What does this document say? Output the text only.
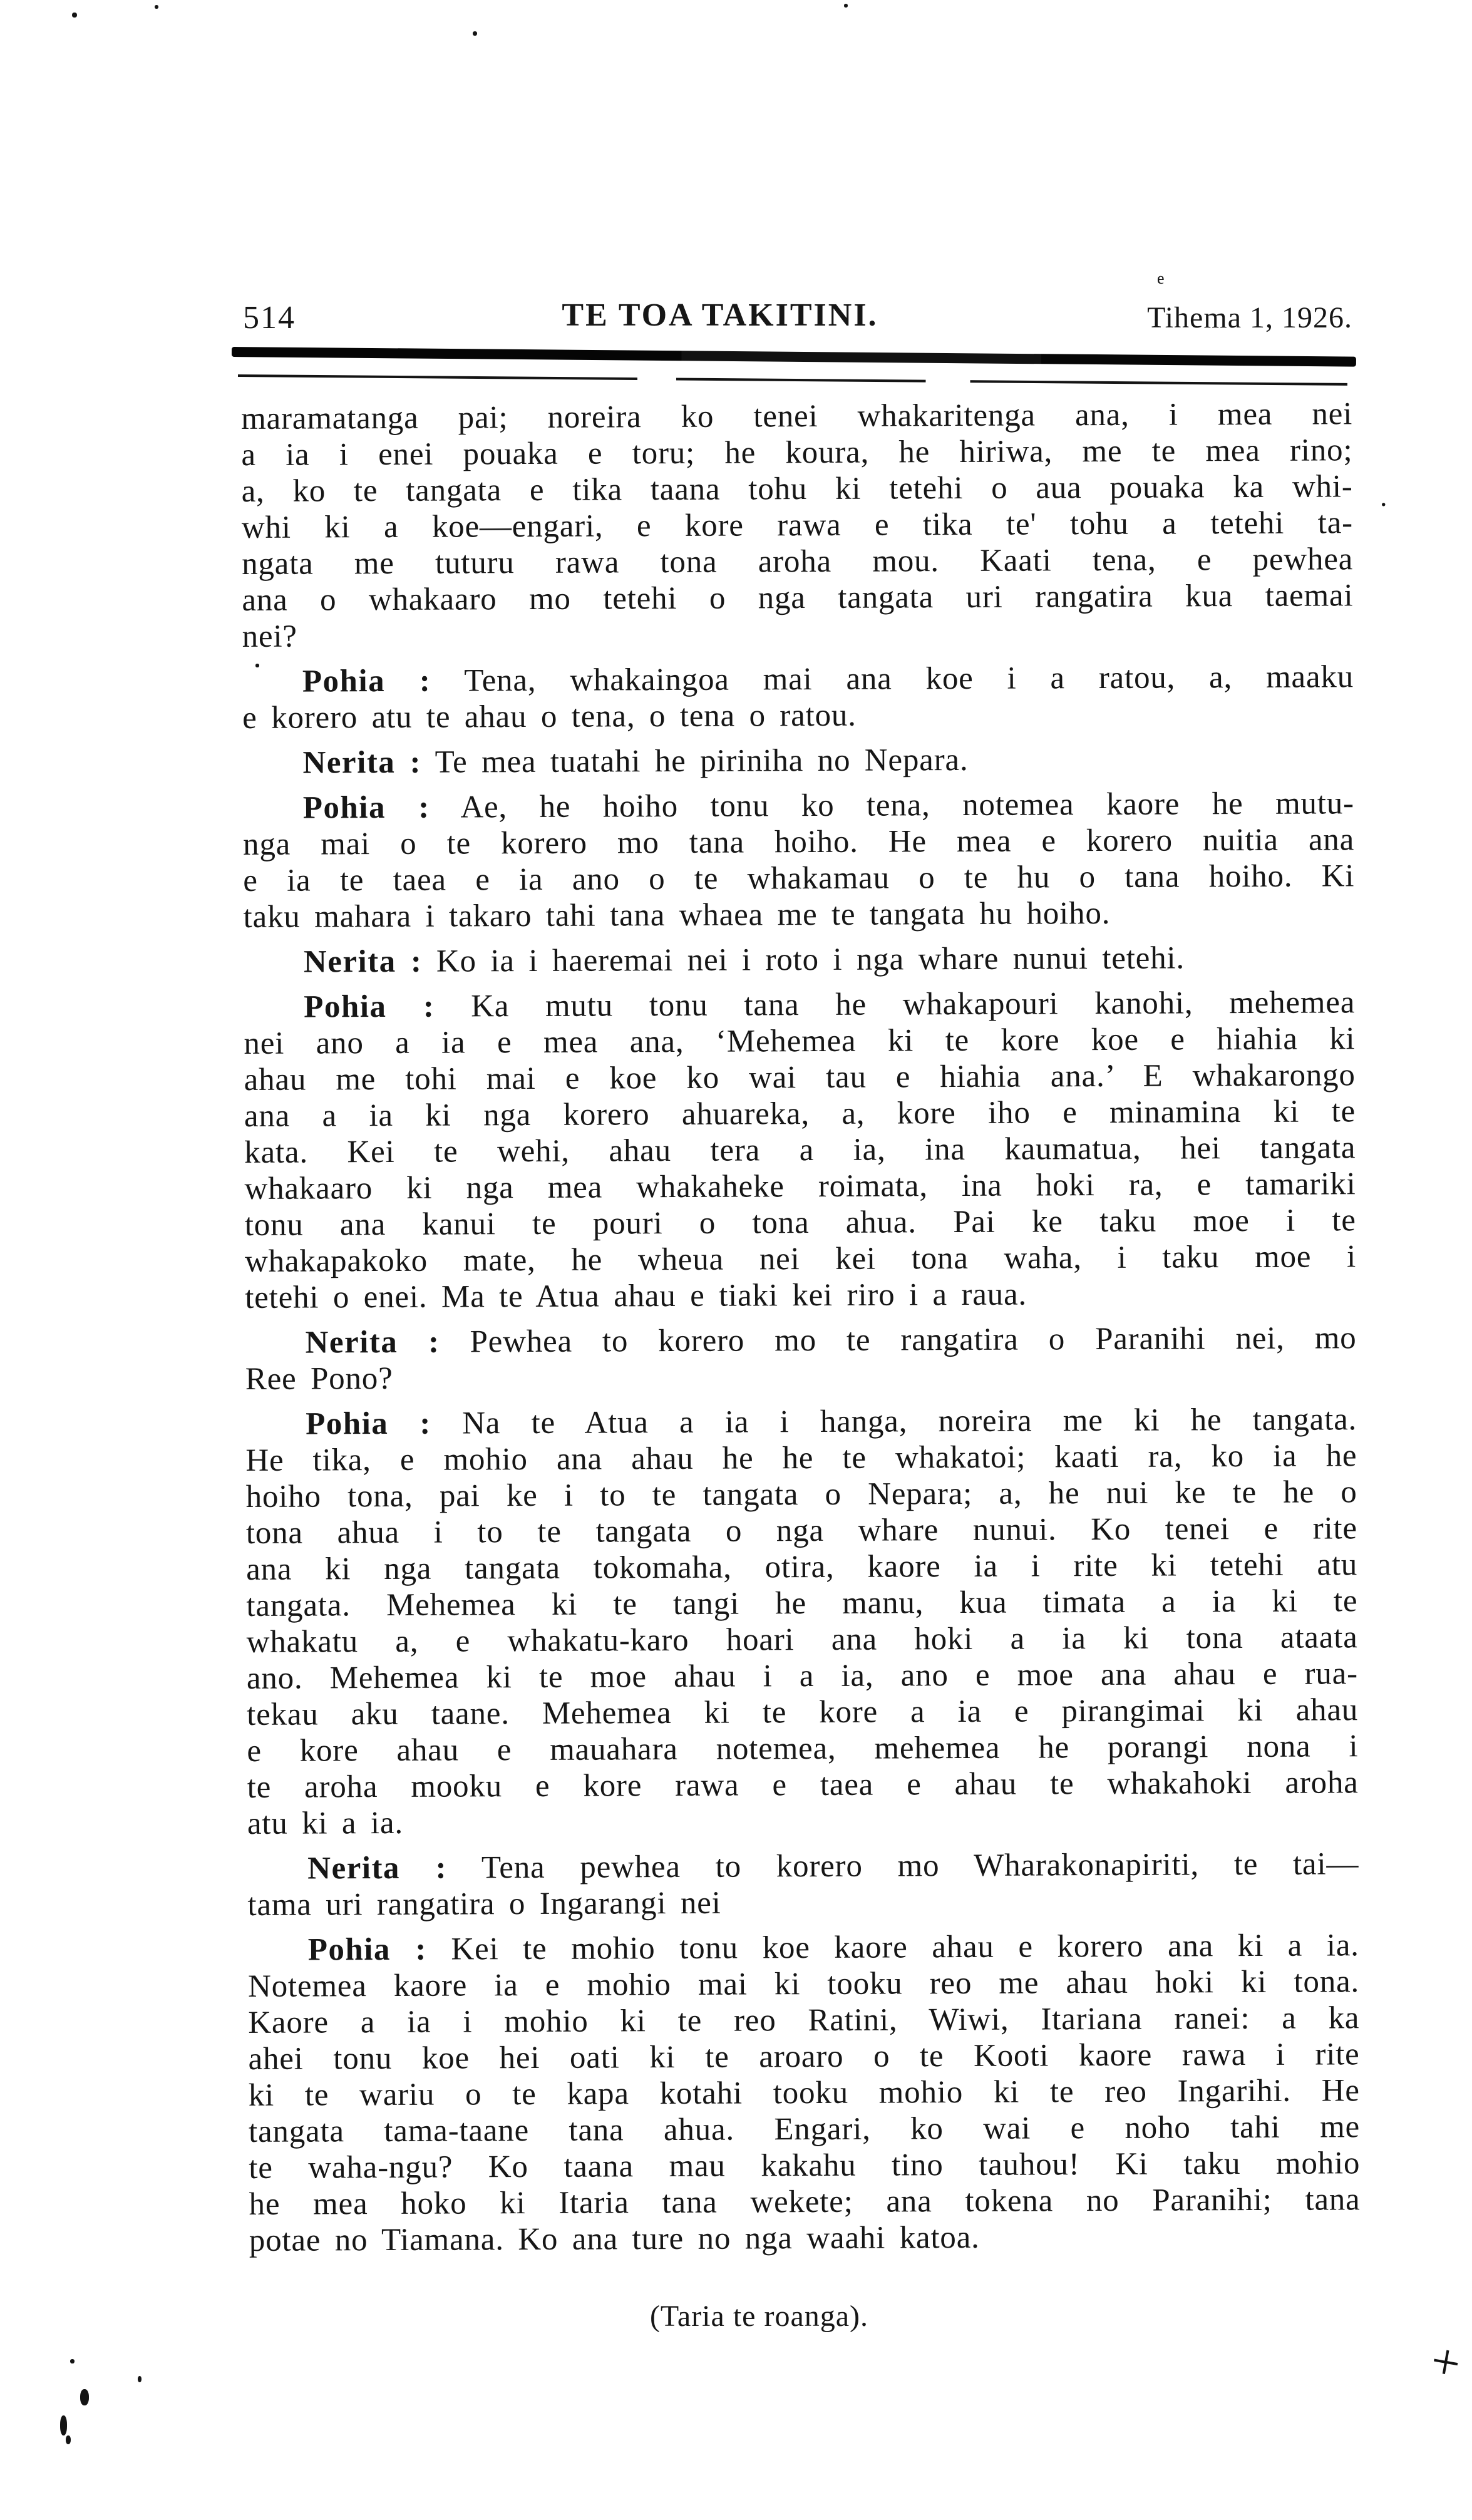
e
.
+
514	TE TOA TAKITINI.	Tihema 1, 1926.
maramatanga pai; noreira ko tenei whakaritenga ana, i mea nei
a ia i enei pouaka e toru; he koura, he hiriwa, me te mea rino;
a, ko te tangata e tika taana tohu ki tetehi o aua pouaka ka whi-
whi ki a koe—engari, e kore rawa e tika te' tohu a tetehi ta-
ngata me tuturu rawa tona aroha mou. Kaati tena, e pewhea
ana o whakaaro mo tetehi o nga tangata uri rangatira kua taemai
nei?
Pohia : Tena, whakaingoa mai ana koe i a ratou, a, maaku
e korero atu te ahau o tena, o tena o ratou.
Nerita : Te mea tuatahi he piriniha no Nepara.
Pohia : Ae, he hoiho tonu ko tena, notemea kaore he mutu-
nga mai o te korero mo tana hoiho. He mea e korero nuitia ana
e ia te taea e ia ano o te whakamau o te hu o tana hoiho. Ki
taku mahara i takaro tahi tana whaea me te tangata hu hoiho.
Nerita : Ko ia i haeremai nei i roto i nga whare nunui tetehi.
Pohia : Ka mutu tonu tana he whakapouri kanohi, mehemea
nei ano a ia e mea ana, ‘Mehemea ki te kore koe e hiahia ki
ahau me tohi mai e koe ko wai tau e hiahia ana.’ E whakarongo
ana a ia ki nga korero ahuareka, a, kore iho e minamina ki te
kata. Kei te wehi, ahau tera a ia, ina kaumatua, hei tangata
whakaaro ki nga mea whakaheke roimata, ina hoki ra, e tamariki
tonu ana kanui te pouri o tona ahua. Pai ke taku moe i te
whakapakoko mate, he wheua nei kei tona waha, i taku moe i
tetehi o enei. Ma te Atua ahau e tiaki kei riro i a raua.
Nerita : Pewhea to korero mo te rangatira o Paranihi nei, mo
Ree Pono?
Pohia : Na te Atua a ia i hanga, noreira me ki he tangata.
He tika, e mohio ana ahau he he te whakatoi; kaati ra, ko ia he
hoiho tona, pai ke i to te tangata o Nepara; a, he nui ke te he o
tona ahua i to te tangata o nga whare nunui. Ko tenei e rite
ana ki nga tangata tokomaha, otira, kaore ia i rite ki tetehi atu
tangata. Mehemea ki te tangi he manu, kua timata a ia ki te
whakatu a, e whakatu-karo hoari ana hoki a ia ki tona ataata
ano. Mehemea ki te moe ahau i a ia, ano e moe ana ahau e rua-
tekau aku taane. Mehemea ki te kore a ia e pirangimai ki ahau
e kore ahau e mauahara notemea, mehemea he porangi nona i
te aroha mooku e kore rawa e taea e ahau te whakahoki aroha
atu ki a ia.
Nerita : Tena pewhea to korero mo Wharakonapiriti, te tai—
tama uri rangatira o Ingarangi nei
Pohia : Kei te mohio tonu koe kaore ahau e korero ana ki a ia.
Notemea kaore ia e mohio mai ki tooku reo me ahau hoki ki tona.
Kaore a ia i mohio ki te reo Ratini, Wiwi, Itariana ranei: a ka
ahei tonu koe hei oati ki te aroaro o te Kooti kaore rawa i rite
ki te wariu o te kapa kotahi tooku mohio ki te reo Ingarihi. He
tangata tama-taane tana ahua. Engari, ko wai e noho tahi me
te waha-ngu? Ko taana mau kakahu tino tauhou! Ki taku mohio
he mea hoko ki Itaria tana wekete; ana tokena no Paranihi; tana
potae no Tiamana. Ko ana ture no nga waahi katoa.
(Taria te roanga).
